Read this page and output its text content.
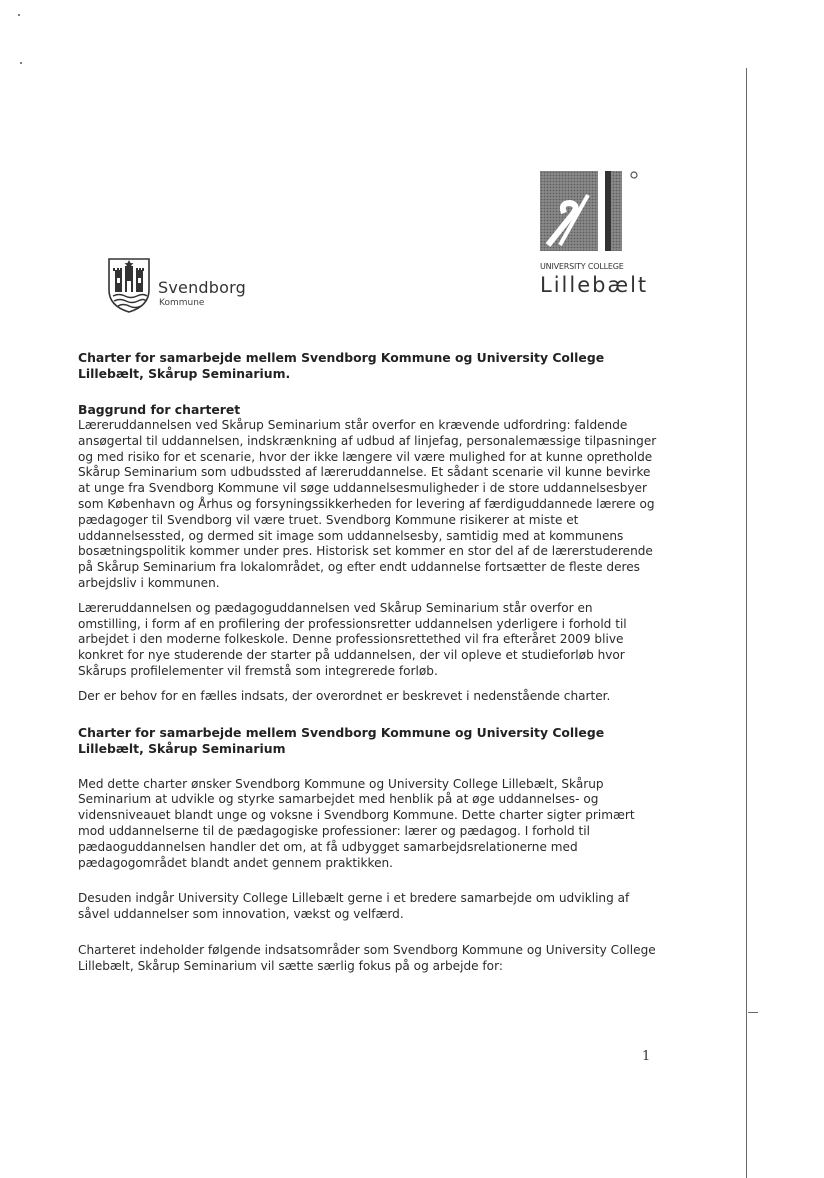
Svendborg
Kommune
UNIVERSITY COLLEGE
Lillebælt
Charter for samarbejde mellem Svendborg Kommune og University College Lillebælt, Skårup Seminarium.
Baggrund for charteret

Læreruddannelsen ved Skårup Seminarium står overfor en krævende udfordring: faldende ansøgertal til uddannelsen, indskrænkning af udbud af linjefag, personalemæssige tilpasninger og med risiko for et scenarie, hvor der ikke længere vil være mulighed for at kunne opretholde Skårup Seminarium som udbudssted af læreruddannelse. Et sådant scenarie vil kunne bevirke at unge fra Svendborg Kommune vil søge uddannelsesmuligheder i de store uddannelsesbyer som København og Århus og forsyningssikkerheden for levering af færdiguddannede lærere og pædagoger til Svendborg vil være truet. Svendborg Kommune risikerer at miste et uddannelsessted, og dermed sit image som uddannelsesby, samtidig med at kommunens bosætningspolitik kommer under pres. Historisk set kommer en stor del af de lærerstuderende på Skårup Seminarium fra lokalområdet, og efter endt uddannelse fortsætter de fleste deres arbejdsliv i kommunen.

Læreruddannelsen og pædagoguddannelsen ved Skårup Seminarium står overfor en omstilling, i form af en profilering der professionsretter uddannelsen yderligere i forhold til arbejdet i den moderne folkeskole. Denne professionsrettethed vil fra efteråret 2009 blive konkret for nye studerende der starter på uddannelsen, der vil opleve et studieforløb hvor Skårups profilelementer vil fremstå som integrerede forløb.

Der er behov for en fælles indsats, der overordnet er beskrevet i nedenstående charter.

Charter for samarbejde mellem Svendborg Kommune og University College Lillebælt, Skårup Seminarium

Med dette charter ønsker Svendborg Kommune og University College Lillebælt, Skårup Seminarium at udvikle og styrke samarbejdet med henblik på at øge uddannelses- og vidensniveauet blandt unge og voksne i Svendborg Kommune. Dette charter sigter primært mod uddannelserne til de pædagogiske professioner: lærer og pædagog. I forhold til pædaoguddannelsen handler det om, at få udbygget samarbejdsrelationerne med pædagogområdet blandt andet gennem praktikken.

Desuden indgår University College Lillebælt gerne i et bredere samarbejde om udvikling af såvel uddannelser som innovation, vækst og velfærd.

Charteret indeholder følgende indsatsområder som Svendborg Kommune og University College Lillebælt, Skårup Seminarium vil sætte særlig fokus på og arbejde for:

1
